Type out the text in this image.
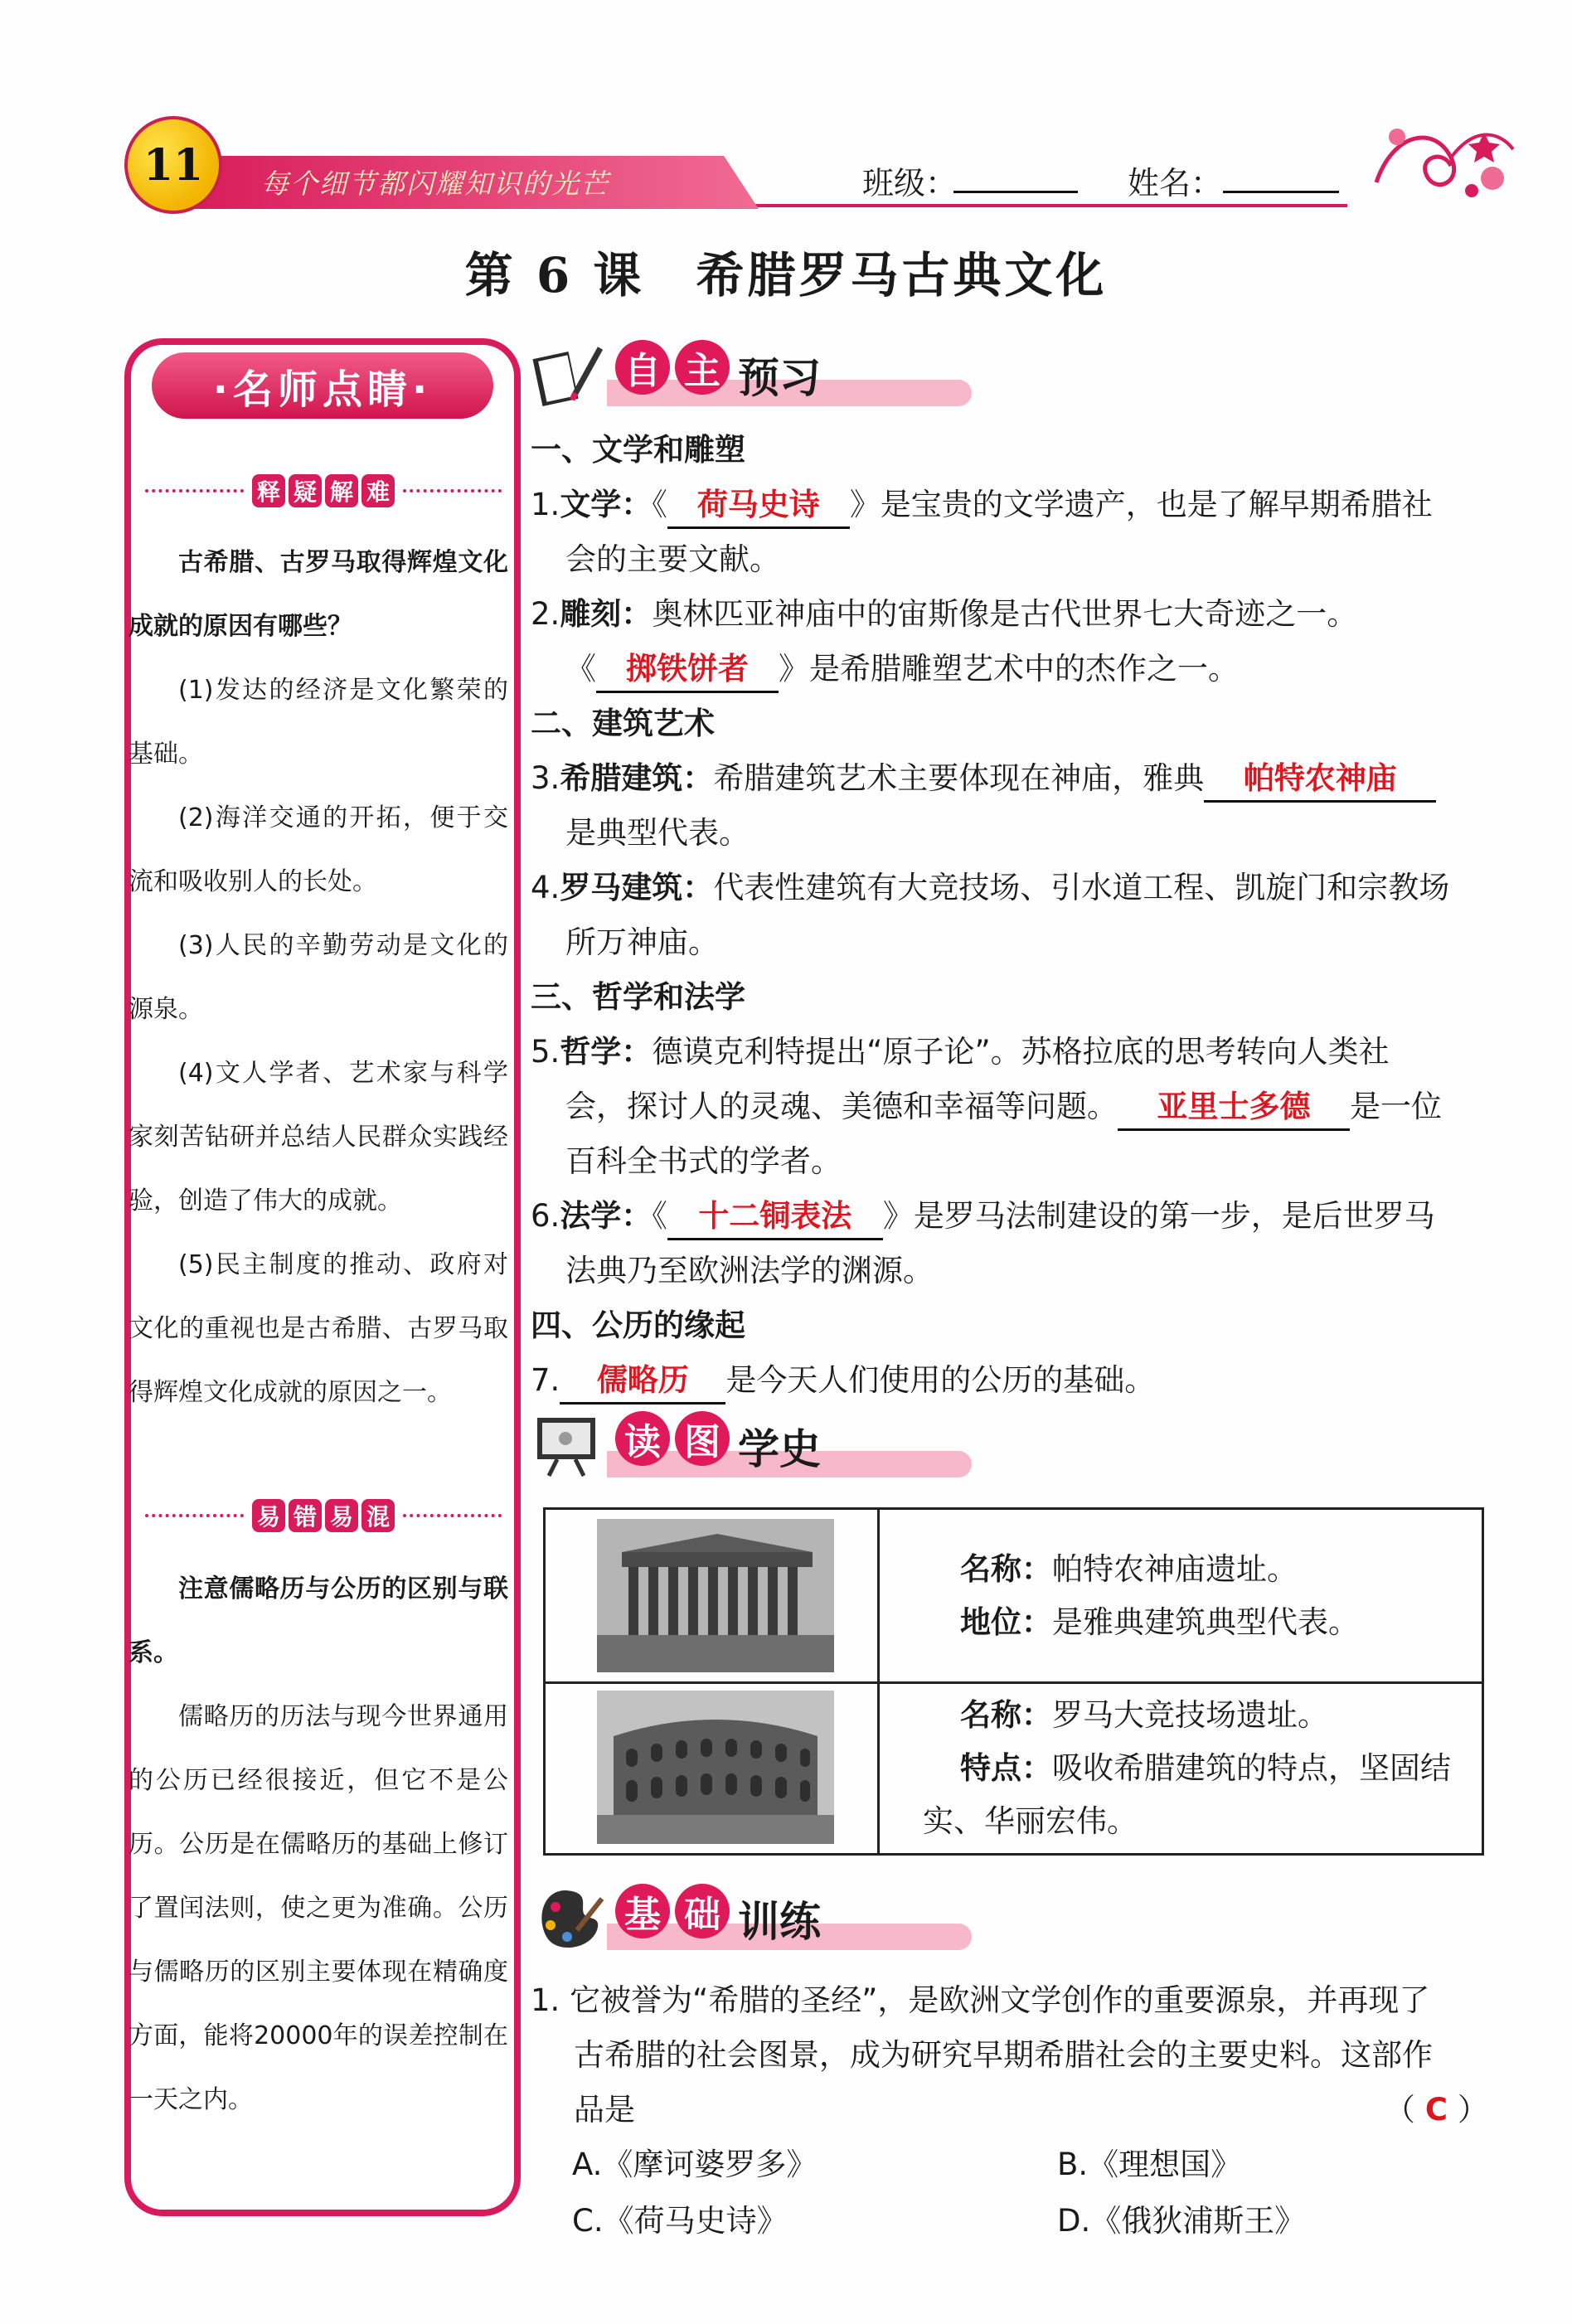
11	每个细节都闪耀知识的光芒	班级：	姓名：
第 6 课　希腊罗马古典文化
·名师点睛·
释 疑 解 难

古希腊、古罗马取得辉煌文化成就的原因有哪些？

(1)发达的经济是文化繁荣的基础。

(2)海洋交通的开拓，便于交流和吸收别人的长处。

(3)人民的辛勤劳动是文化的源泉。

(4)文人学者、艺术家与科学家刻苦钻研并总结人民群众实践经验，创造了伟大的成就。

(5)民主制度的推动、政府对文化的重视也是古希腊、古罗马取得辉煌文化成就的原因之一。

易 错 易 混

注意儒略历与公历的区别与联系。

儒略历的历法与现今世界通用的公历已经很接近，但它不是公历。公历是在儒略历的基础上修订了置闰法则，使之更为准确。公历与儒略历的区别主要体现在精确度方面，能将20000年的误差控制在一天之内。

自 主 预习
一、文学和雕塑
1.文学：《 荷马史诗 》是宝贵的文学遗产，也是了解早期希腊社
会的主要文献。
2.雕刻：奥林匹亚神庙中的宙斯像是古代世界七大奇迹之一。
《 掷铁饼者 》是希腊雕塑艺术中的杰作之一。
二、建筑艺术
3.希腊建筑：希腊建筑艺术主要体现在神庙，雅典 帕特农神庙
是典型代表。
4.罗马建筑：代表性建筑有大竞技场、引水道工程、凯旋门和宗教场
所万神庙。
三、哲学和法学
5.哲学：德谟克利特提出“原子论”。苏格拉底的思考转向人类社
会，探讨人的灵魂、美德和幸福等问题。 亚里士多德 是一位
百科全书式的学者。
6.法学：《 十二铜表法 》是罗马法制建设的第一步，是后世罗马
法典乃至欧洲法学的渊源。
四、公历的缘起
7. 儒略历 是今天人们使用的公历的基础。
读 图 学史
名称：帕特农神庙遗址。
地位：是雅典建筑典型代表。
名称：罗马大竞技场遗址。
特点：吸收希腊建筑的特点，坚固结
实、华丽宏伟。
基 础 训练
1. 它被誉为“希腊的圣经”，是欧洲文学创作的重要源泉，并再现了
古希腊的社会图景，成为研究早期希腊社会的主要史料。这部作
品是	（ C ）
A.《摩诃婆罗多》	B.《理想国》
C.《荷马史诗》	D.《俄狄浦斯王》
